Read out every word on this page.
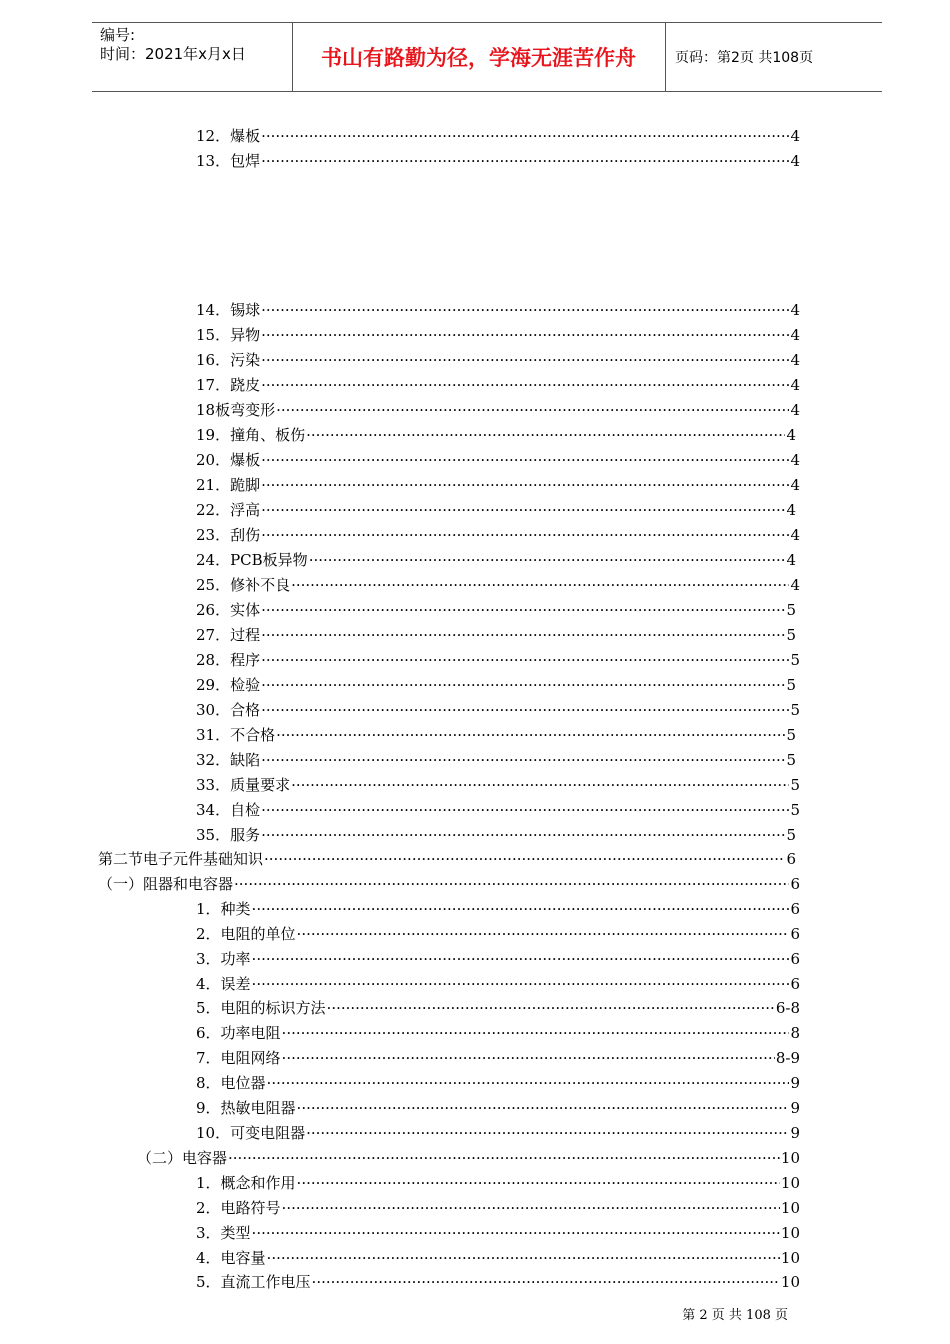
编号:
时间：2021年x月x日	书山有路勤为径，学海无涯苦作舟	页码：第2页 共108页
12．爆板 ·····	4
13．包焊 ·····	4
14．锡球 ·····	4
15．异物 ·····	4
16．污染 ·····	4
17．跷皮 ·····	4
18板弯变形 ·····	4
19．撞角、板伤 ·····	4
20．爆板 ·····	4
21．跪脚 ·····	4
22．浮高 ·····	4
23．刮伤 ·····	4
24．PCB板异物 ·····	4
25．修补不良 ·····	4
26．实体 ·····	5
27．过程 ·····	5
28．程序 ·····	5
29．检验 ·····	5
30．合格 ·····	5
31．不合格 ·····	5
32．缺陷 ·····	5
33．质量要求 ·····	5
34．自检 ·····	5
35．服务 ·····	5
第二节电子元件基础知识 ·····	6
（一）阻器和电容器 ·····	6
1．种类 ·····	6
2．电阻的单位 ·····	6
3．功率 ·····	6
4．误差 ·····	6
5．电阻的标识方法 ·····	6-8
6．功率电阻 ·····	8
7．电阻网络 ·····	8-9
8．电位器 ·····	9
9．热敏电阻器 ·····	9
10．可变电阻器 ·····	9
（二）电容器 ·····	10
1．概念和作用 ·····	10
2．电路符号 ·····	10
3．类型 ·····	10
4．电容量 ·····	10
5．直流工作电压 ·····	10
第 2 页 共 108 页
